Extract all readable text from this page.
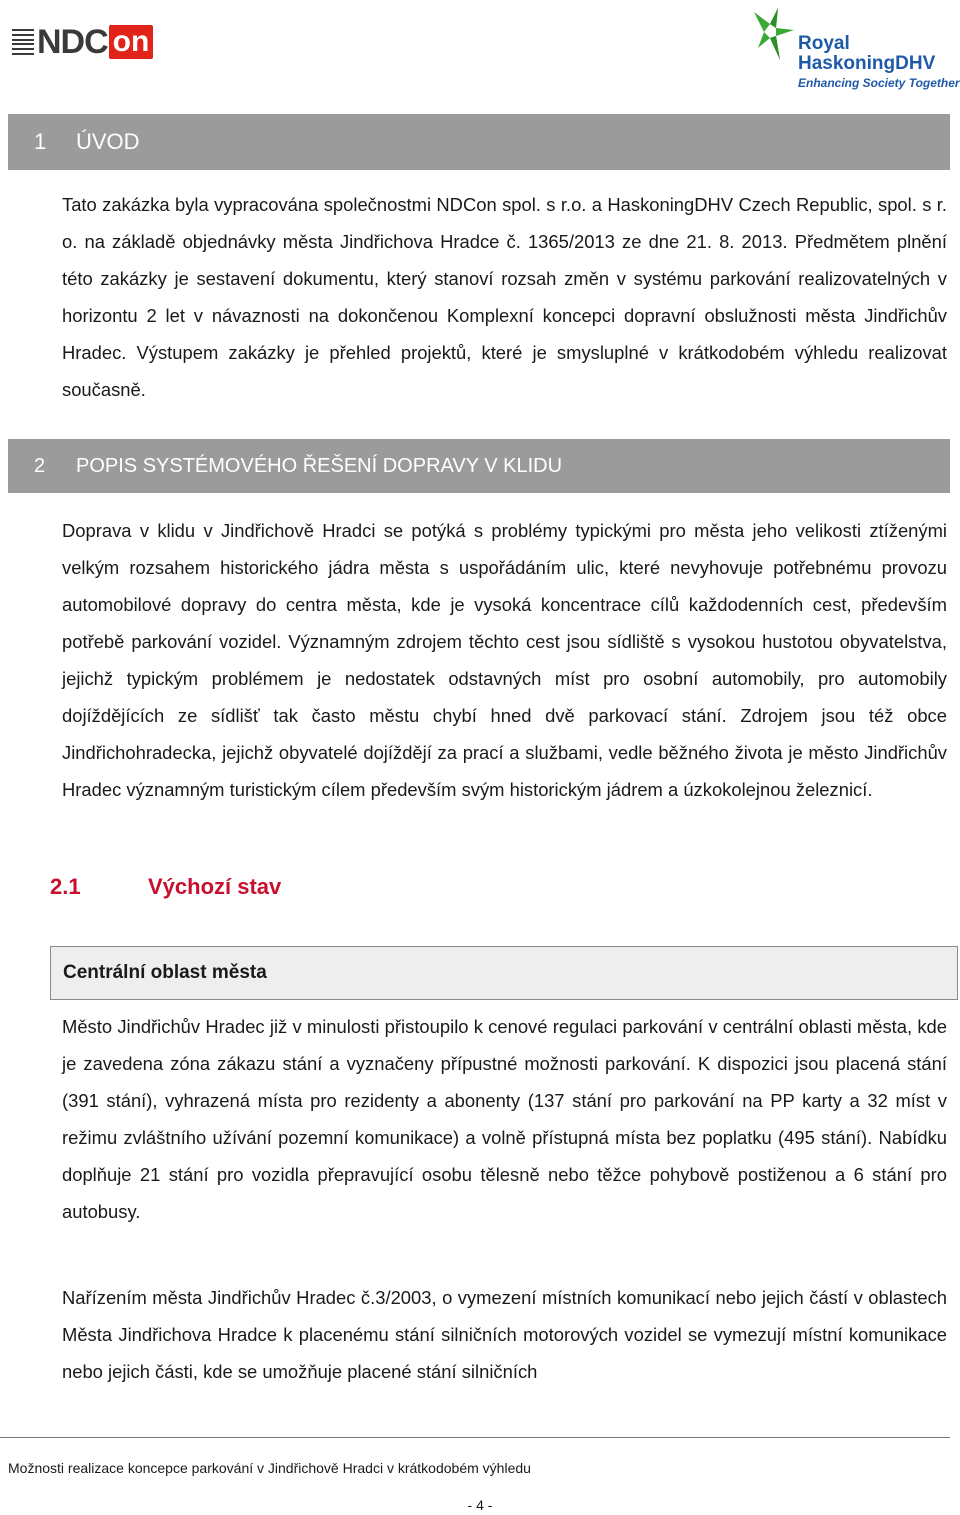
NDC on	Royal
HaskoningDHV
Enhancing Society Together
1 ÚVOD

Tato zakázka byla vypracována společnostmi NDCon spol. s r.o. a HaskoningDHV Czech Republic, spol. s r. o. na základě objednávky města Jindřichova Hradce č. 1365/2013 ze dne 21. 8. 2013. Předmětem plnění této zakázky je sestavení dokumentu, který stanoví rozsah změn v systému parkování realizovatelných v horizontu 2 let v návaznosti na dokončenou Komplexní koncepci dopravní obslužnosti města Jindřichův Hradec. Výstupem zakázky je přehled projektů, které je smysluplné v krátkodobém výhledu realizovat současně.

2 POPIS SYSTÉMOVÉHO ŘEŠENÍ DOPRAVY V KLIDU

Doprava v klidu v Jindřichově Hradci se potýká s problémy typickými pro města jeho velikosti ztíženými velkým rozsahem historického jádra města s uspořádáním ulic, které nevyhovuje potřebnému provozu automobilové dopravy do centra města, kde je vysoká koncentrace cílů každodenních cest, především potřebě parkování vozidel. Významným zdrojem těchto cest jsou sídliště s vysokou hustotou obyvatelstva, jejichž typickým problémem je nedostatek odstavných míst pro osobní automobily, pro automobily dojíždějících ze sídlišť tak často městu chybí hned dvě parkovací stání. Zdrojem jsou též obce Jindřichohradecka, jejichž obyvatelé dojíždějí za prací a službami, vedle běžného života je město Jindřichův Hradec významným turistickým cílem především svým historickým jádrem a úzkokolejnou železnicí.

2.1	Výchozí stav
Centrální oblast města

Město Jindřichův Hradec již v minulosti přistoupilo k cenové regulaci parkování v centrální oblasti města, kde je zavedena zóna zákazu stání a vyznačeny přípustné možnosti parkování. K dispozici jsou placená stání (391 stání), vyhrazená místa pro rezidenty a abonenty (137 stání pro parkování na PP karty a 32 míst v režimu zvláštního užívání pozemní komunikace) a volně přístupná místa bez poplatku (495 stání). Nabídku doplňuje 21 stání pro vozidla přepravující osobu tělesně nebo těžce pohybově postiženou a 6 stání pro autobusy.

Nařízením města Jindřichův Hradec č.3/2003, o vymezení místních komunikací nebo jejich částí v oblastech Města Jindřichova Hradce k placenému stání silničních motorových vozidel se vymezují místní komunikace nebo jejich části, kde se umožňuje placené stání silničních

Možnosti realizace koncepce parkování v Jindřichově Hradci v krátkodobém výhledu
- 4 -
